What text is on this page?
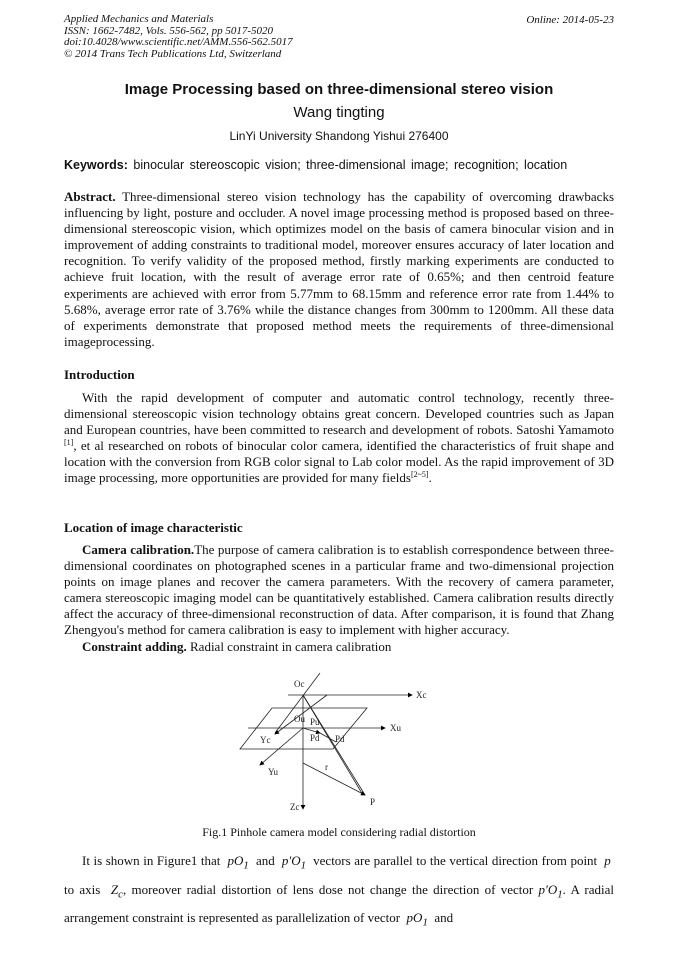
Applied Mechanics and Materials
ISSN: 1662-7482, Vols. 556-562, pp 5017-5020
doi:10.4028/www.scientific.net/AMM.556-562.5017
© 2014 Trans Tech Publications Ltd, Switzerland
Online: 2014-05-23
Image Processing based on three-dimensional stereo vision
Wang tingting
LinYi University Shandong Yishui 276400
Keywords: binocular stereoscopic vision; three-dimensional image; recognition; location
Abstract. Three-dimensional stereo vision technology has the capability of overcoming drawbacks influencing by light, posture and occluder. A novel image processing method is proposed based on three-dimensional stereoscopic vision, which optimizes model on the basis of camera binocular vision and in improvement of adding constraints to traditional model, moreover ensures accuracy of later location and recognition. To verify validity of the proposed method, firstly marking experiments are conducted to achieve fruit location, with the result of average error rate of 0.65%; and then centroid feature experiments are achieved with error from 5.77mm to 68.15mm and reference error rate from 1.44% to 5.68%, average error rate of 3.76% while the distance changes from 300mm to 1200mm. All these data of experiments demonstrate that proposed method meets the requirements of three-dimensional imageprocessing.
Introduction

With the rapid development of computer and automatic control technology, recently three-dimensional stereoscopic vision technology obtains great concern. Developed countries such as Japan and European countries, have been committed to research and development of robots. Satoshi Yamamoto [1], et al researched on robots of binocular color camera, identified the characteristics of fruit shape and location with the conversion from RGB color signal to Lab color model. As the rapid improvement of 3D image processing, more opportunities are provided for many fields[2~5].

Location of image characteristic

Camera calibration.The purpose of camera calibration is to establish correspondence between three-dimensional coordinates on photographed scenes in a particular frame and two-dimensional projection points on image planes and recover the camera parameters. With the recovery of camera parameter, camera stereoscopic imaging model can be quantitatively established. Camera calibration results directly affect the accuracy of three-dimensional reconstruction of data. After comparison, it is found that Zhang Zhengyou's method for camera calibration is easy to implement with higher accuracy.

Constraint adding. Radial constraint in camera calibration

Oc
Xc
Ou
Xu
Yc
Yu
Pu
Pd Pd
r
P
Zc
Fig.1 Pinhole camera model considering radial distortion

It is shown in Figure1 that $pO_1$ and $p'O_1$ vectors are parallel to the vertical direction from point p  to axis $Z_c$, moreover radial distortion of lens dose not change the direction of vector $p'O_1$. A radial arrangement constraint is represented as parallelization of vector $pO_1$ and
